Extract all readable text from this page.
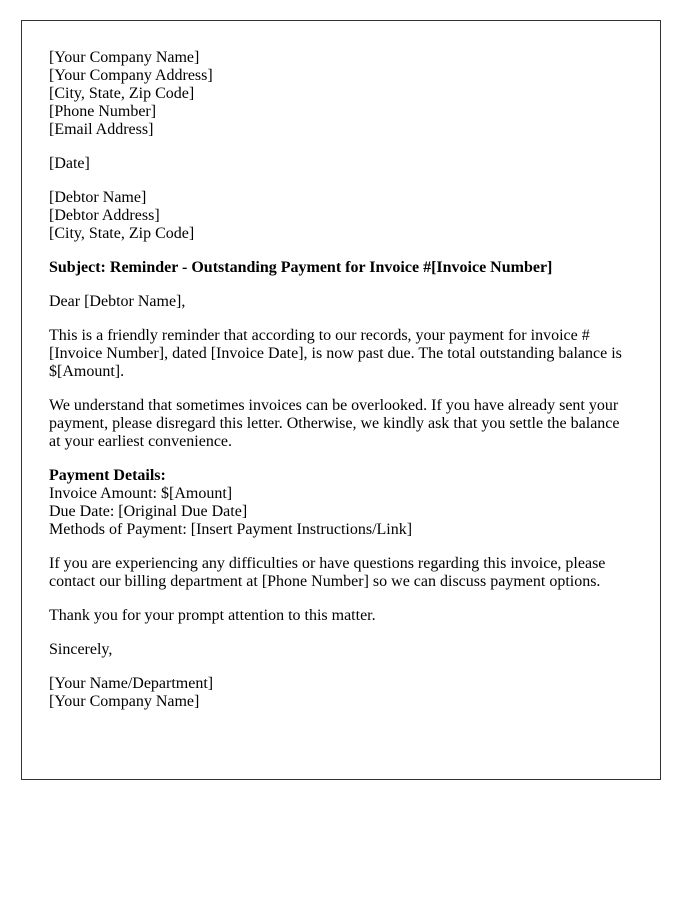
[Your Company Name]
[Your Company Address]
[City, State, Zip Code]
[Phone Number]
[Email Address]

[Date]

[Debtor Name]
[Debtor Address]
[City, State, Zip Code]

Subject: Reminder - Outstanding Payment for Invoice #[Invoice Number]

Dear [Debtor Name],

This is a friendly reminder that according to our records, your payment for invoice # [Invoice Number], dated [Invoice Date], is now past due. The total outstanding balance is $[Amount].

We understand that sometimes invoices can be overlooked. If you have already sent your payment, please disregard this letter. Otherwise, we kindly ask that you settle the balance at your earliest convenience.

Payment Details:
Invoice Amount: $[Amount]
Due Date: [Original Due Date]
Methods of Payment: [Insert Payment Instructions/Link]

If you are experiencing any difficulties or have questions regarding this invoice, please contact our billing department at [Phone Number] so we can discuss payment options.

Thank you for your prompt attention to this matter.

Sincerely,

[Your Name/Department]
[Your Company Name]
